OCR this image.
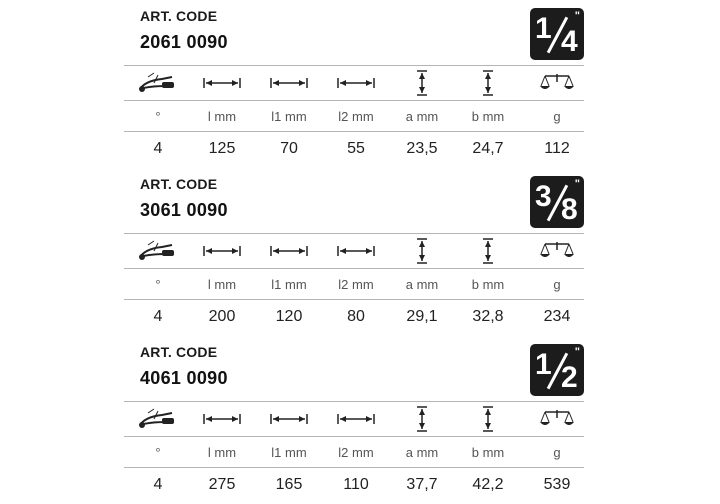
ART. CODE
2061 0090	1 4
"
°	l mm	l1 mm	l2 mm	a mm	b mm	g
4	125	70	55	23,5	24,7	112
ART. CODE
3061 0090	3 8
"
°	l mm	l1 mm	l2 mm	a mm	b mm	g
4	200	120	80	29,1	32,8	234
ART. CODE
4061 0090	1 2
"
°	l mm	l1 mm	l2 mm	a mm	b mm	g
4	275	165	110	37,7	42,2	539
